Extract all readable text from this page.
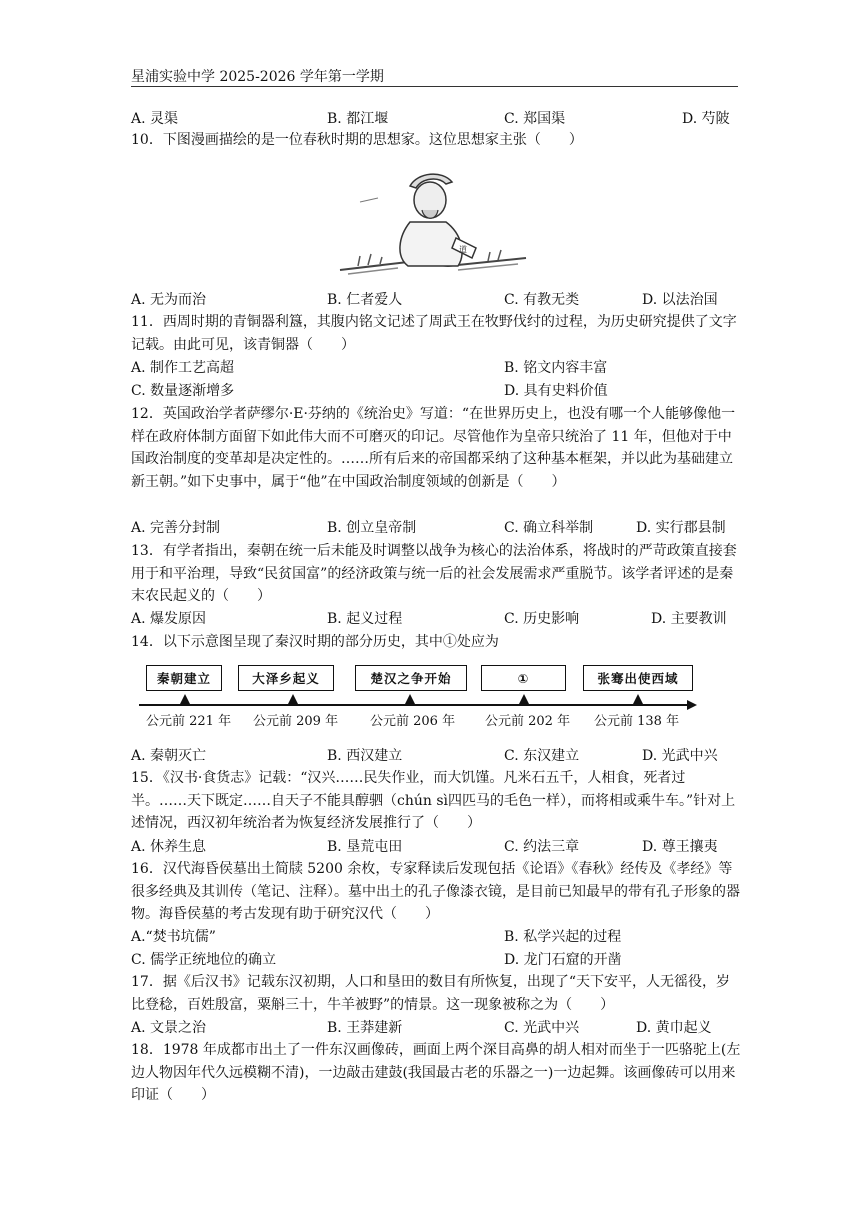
星浦实验中学 2025-2026 学年第一学期
A. 灵渠	B. 都江堰	C. 郑国渠	D. 芍陂
10．下图漫画描绘的是一位春秋时期的思想家。这位思想家主张（　　）
道
A. 无为而治	B. 仁者爱人	C. 有教无类	D. 以法治国
11．西周时期的青铜器利簋，其腹内铭文记述了周武王在牧野伐纣的过程，为历史研究提供了文字记载。由此可见，该青铜器（　　）
A. 制作工艺高超	B. 铭文内容丰富
C. 数量逐渐增多	D. 具有史料价值
12．英国政治学者萨缪尔·E·芬纳的《统治史》写道：“在世界历史上，也没有哪一个人能够像他一样在政府体制方面留下如此伟大而不可磨灭的印记。尽管他作为皇帝只统治了 11 年，但他对于中国政治制度的变革却是决定性的。……所有后来的帝国都采纳了这种基本框架，并以此为基础建立新王朝。”如下史事中，属于“他”在中国政治制度领域的创新是（　　）
A. 完善分封制	B. 创立皇帝制	C. 确立科举制	D. 实行郡县制
13．有学者指出，秦朝在统一后未能及时调整以战争为核心的法治体系，将战时的严苛政策直接套用于和平治理，导致“民贫国富”的经济政策与统一后的社会发展需求严重脱节。该学者评述的是秦末农民起义的（　　）
A. 爆发原因	B. 起义过程	C. 历史影响	D. 主要教训
14．以下示意图呈现了秦汉时期的部分历史，其中①处应为
秦朝建立	大泽乡起义	楚汉之争开始	①	张骞出使西域
公元前 221 年 公元前 209 年 公元前 206 年 公元前 202 年 公元前 138 年
A. 秦朝灭亡	B. 西汉建立	C. 东汉建立	D. 光武中兴
15．《汉书·食货志》记载：“汉兴……民失作业，而大饥馑。凡米石五千，人相食，死者过半。……天下既定……自天子不能具醇驷（chún sì四匹马的毛色一样），而将相或乘牛车。”针对上述情况，西汉初年统治者为恢复经济发展推行了（　　）
A. 休养生息	B. 垦荒屯田	C. 约法三章	D. 尊王攘夷
16．汉代海昏侯墓出土简牍 5200 余枚，专家释读后发现包括《论语》《春秋》经传及《孝经》等很多经典及其训传（笔记、注释）。墓中出土的孔子像漆衣镜，是目前已知最早的带有孔子形象的器物。海昏侯墓的考古发现有助于研究汉代（　　）
A.“焚书坑儒”	B. 私学兴起的过程
C. 儒学正统地位的确立	D. 龙门石窟的开凿
17．据《后汉书》记载东汉初期，人口和垦田的数目有所恢复，出现了“天下安平，人无徭役，岁比登稔，百姓殷富，粟斛三十，牛羊被野”的情景。这一现象被称之为（　　）
A. 文景之治	B. 王莽建新	C. 光武中兴	D. 黄巾起义
18．1978 年成都市出土了一件东汉画像砖，画面上两个深目高鼻的胡人相对而坐于一匹骆驼上(左边人物因年代久远模糊不清)，一边敲击建鼓(我国最古老的乐器之一)一边起舞。该画像砖可以用来印证（　　）
